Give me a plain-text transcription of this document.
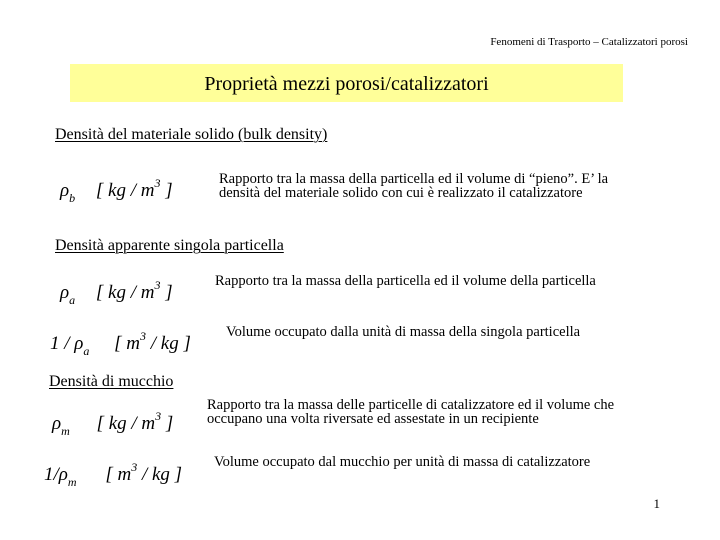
Fenomeni di Trasporto – Catalizzatori porosi
Proprietà mezzi porosi/catalizzatori
Densità del materiale solido (bulk density)
$\rho_b$ [ kg / $m^3$ ]
Rapporto tra la massa della particella ed il volume di “pieno”. E’ la densità del materiale solido con cui è realizzato il catalizzatore
Densità apparente singola particella
$\rho_a$ [ kg / $m^3$ ]
Rapporto tra la massa della particella ed il volume della particella
$1 / \rho_a$ [ $m^3$ / kg ]
Volume occupato dalla unità di massa della singola particella
Densità di mucchio
$\rho_m$ [ kg / $m^3$ ]
Rapporto tra la massa delle particelle di catalizzatore ed il volume che occupano una volta riversate ed assestate in un recipiente
$1/\rho_m$ [ $m^3$ / kg ]
Volume occupato dal mucchio per unità di massa di catalizzatore
1
